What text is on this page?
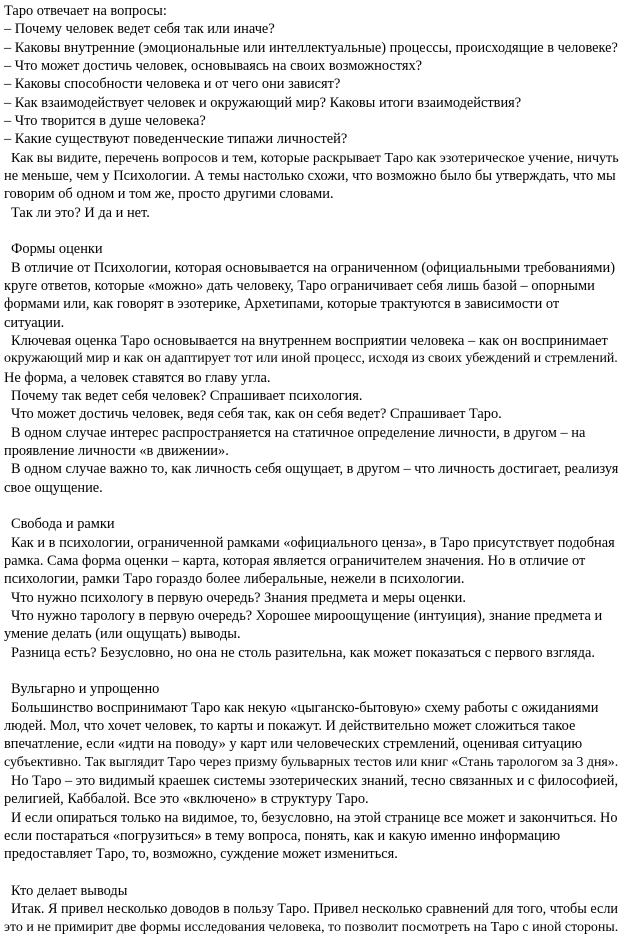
Таро отвечает на вопросы:

– Почему человек ведет себя так или иначе?

– Каковы внутренние (эмоциональные или интеллектуальные) процессы, происходящие в человеке?

– Что может достичь человек, основываясь на своих возможностях?

– Каковы способности человека и от чего они зависят?

– Как взаимодействует человек и окружающий мир? Каковы итоги взаимодействия?

– Что творится в душе человека?

– Какие существуют поведенческие типажи личностей?

Как вы видите, перечень вопросов и тем, которые раскрывает Таро как эзотерическое учение, ничуть

не меньше, чем у Психологии. А темы настолько схожи, что возможно было бы утверждать, что мы

говорим об одном и том же, просто другими словами.

Так ли это? И да и нет.

Формы оценки

В отличие от Психологии, которая основывается на ограниченном (официальными требованиями)

круге ответов, которые «можно» дать человеку, Таро ограничивает себя лишь базой – опорными

формами или, как говорят в эзотерике, Архетипами, которые трактуются в зависимости от

ситуации.

Ключевая оценка Таро основывается на внутреннем восприятии человека – как он воспринимает

окружающий мир и как он адаптирует тот или иной процесс, исходя из своих убеждений и стремлений.

Не форма, а человек ставятся во главу угла.

Почему так ведет себя человек? Спрашивает психология.

Что может достичь человек, ведя себя так, как он себя ведет? Спрашивает Таро.

В одном случае интерес распространяется на статичное определение личности, в другом – на

проявление личности «в движении».

В одном случае важно то, как личность себя ощущает, в другом – что личность достигает, реализуя

свое ощущение.

Свобода и рамки

Как и в психологии, ограниченной рамками «официального ценза», в Таро присутствует подобная

рамка. Сама форма оценки – карта, которая является ограничителем значения. Но в отличие от

психологии, рамки Таро гораздо более либеральные, нежели в психологии.

Что нужно психологу в первую очередь? Знания предмета и меры оценки.

Что нужно тарологу в первую очередь? Хорошее мироощущение (интуиция), знание предмета и

умение делать (или ощущать) выводы.

Разница есть? Безусловно, но она не столь разительна, как может показаться с первого взгляда.

Вульгарно и упрощенно

Большинство воспринимают Таро как некую «цыганско-бытовую» схему работы с ожиданиями

людей. Мол, что хочет человек, то карты и покажут. И действительно может сложиться такое

впечатление, если «идти на поводу» у карт или человеческих стремлений, оценивая ситуацию

субъективно. Так выглядит Таро через призму бульварных тестов или книг «Стань тарологом за 3 дня».

Но Таро – это видимый краешек системы эзотерических знаний, тесно связанных и с философией,

религией, Каббалой. Все это «включено» в структуру Таро.

И если опираться только на видимое, то, безусловно, на этой странице все может и закончиться. Но

если постараться «погрузиться» в тему вопроса, понять, как и какую именно информацию

предоставляет Таро, то, возможно, суждение может измениться.

Кто делает выводы

Итак. Я привел несколько доводов в пользу Таро. Привел несколько сравнений для того, чтобы если

это и не примирит две формы исследования человека, то позволит посмотреть на Таро с иной стороны.
